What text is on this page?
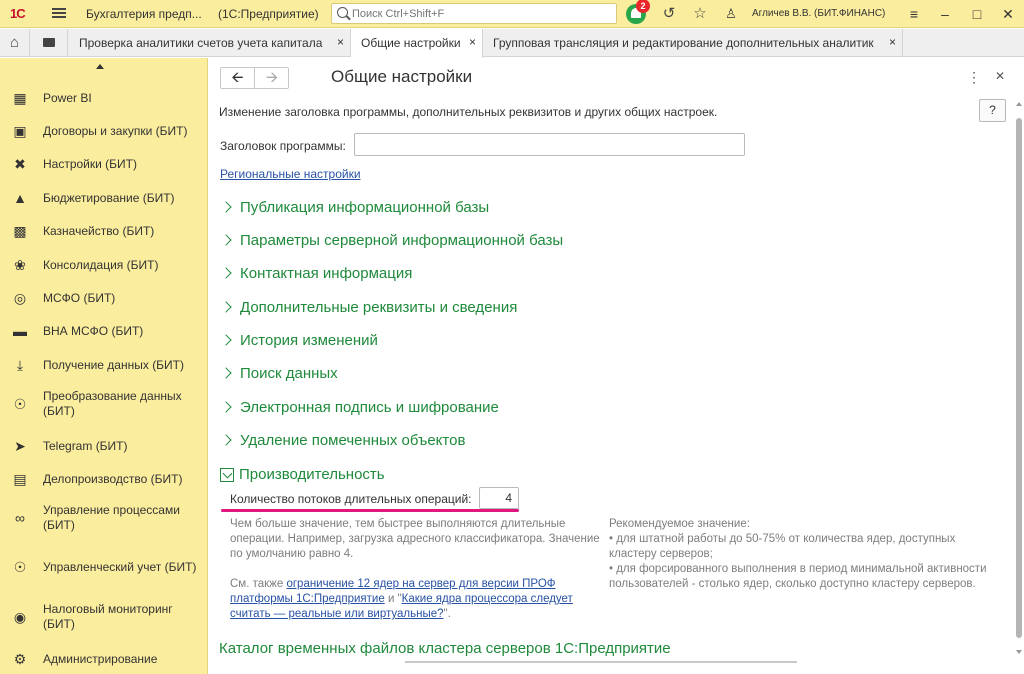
1С	Бухгалтерия предп... (1С:Предприятие)
Поиск Ctrl+Shift+F
2	↺ ☆ ♙	Агличев В.В. (БИТ.ФИНАНС)	≡	–	□	✕
⌂	Проверка аналитики счетов учета капитала ×	Общие настройки ×	Групповая трансляция и редактирование дополнительных аналитик ×
▦ Power BI
▣ Договоры и закупки (БИТ)
✖ Настройки (БИТ)
▲ Бюджетирование (БИТ)
▩ Казначейство (БИТ)
❀ Консолидация (БИТ)
◎ МСФО (БИТ)
▬ ВНА МСФО (БИТ)
⤓	Получение данных (БИТ)
☉ Преобразование данных (БИТ)
➤ Telegram (БИТ)
▤ Делопроизводство (БИТ)
∞ Управление процессами (БИТ)
☉ Управленческий учет (БИТ)
◉ Налоговый мониторинг (БИТ)
⚙ Администрирование
🡨	🡪	Общие настройки	⋮ ✕
?
Изменение заголовка программы, дополнительных реквизитов и других общих настроек.
Заголовок программы:
Региональные настройки
Публикация информационной базы
Параметры серверной информационной базы
Контактная информация
Дополнительные реквизиты и сведения
История изменений
Поиск данных
Электронная подпись и шифрование
Удаление помеченных объектов
Производительность
Количество потоков длительных операций:	4
Чем больше значение, тем быстрее выполняются длительные операции. Например, загрузка адресного классификатора. Значение по умолчанию равно 4.
Рекомендуемое значение:
• для штатной работы до 50-75% от количества ядер, доступных кластеру серверов;
• для форсированного выполнения в период минимальной активности пользователей - столько ядер, сколько доступно кластеру серверов.
См. также ограничение 12 ядер на сервер для версии ПРОФ платформы 1С:Предприятие и "Какие ядра процессора следует считать — реальные или виртуальные?".
Каталог временных файлов кластера серверов 1С:Предприятие
